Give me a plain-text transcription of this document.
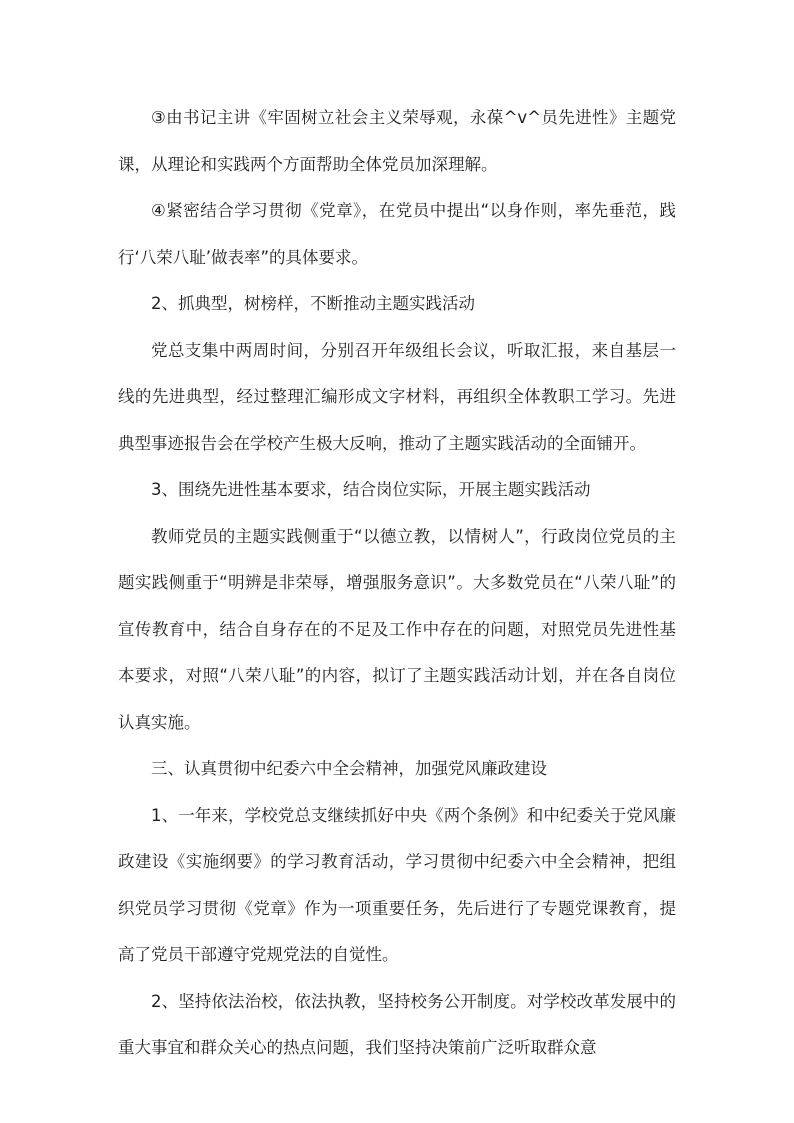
③由书记主讲《牢固树立社会主义荣辱观，永葆^v^员先进性》主题党课，从理论和实践两个方面帮助全体党员加深理解。

④紧密结合学习贯彻《党章》，在党员中提出“以身作则，率先垂范，践行‘八荣八耻’做表率”的具体要求。

2、抓典型，树榜样，不断推动主题实践活动

党总支集中两周时间，分别召开年级组长会议，听取汇报，来自基层一线的先进典型，经过整理汇编形成文字材料，再组织全体教职工学习。先进典型事迹报告会在学校产生极大反响，推动了主题实践活动的全面铺开。

3、围绕先进性基本要求，结合岗位实际，开展主题实践活动

教师党员的主题实践侧重于“以德立教，以情树人”，行政岗位党员的主题实践侧重于“明辨是非荣辱，增强服务意识”。大多数党员在“八荣八耻”的宣传教育中，结合自身存在的不足及工作中存在的问题，对照党员先进性基本要求，对照“八荣八耻”的内容，拟订了主题实践活动计划，并在各自岗位认真实施。

三、认真贯彻中纪委六中全会精神，加强党风廉政建设

1、一年来，学校党总支继续抓好中央《两个条例》和中纪委关于党风廉政建设《实施纲要》的学习教育活动，学习贯彻中纪委六中全会精神，把组织党员学习贯彻《党章》作为一项重要任务，先后进行了专题党课教育，提高了党员干部遵守党规党法的自觉性。

2、坚持依法治校，依法执教，坚持校务公开制度。对学校改革发展中的重大事宜和群众关心的热点问题，我们坚持决策前广泛听取群众意
